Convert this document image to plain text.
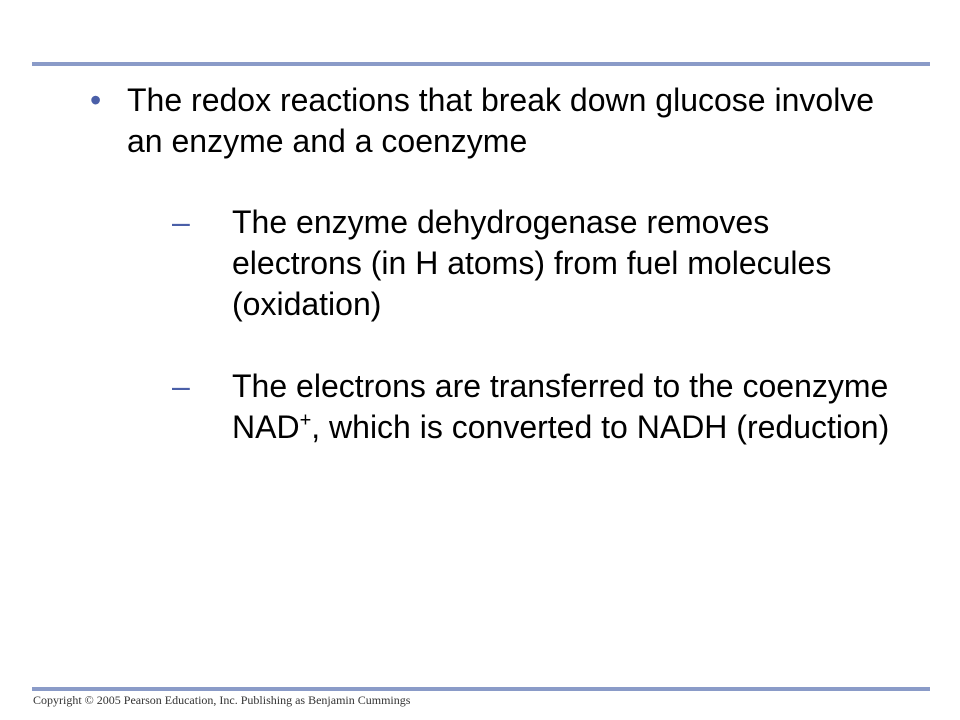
• The redox reactions that break down glucose involve an enzyme and a coenzyme
–	The enzyme dehydrogenase removes electrons (in H atoms) from fuel molecules (oxidation)
–	The electrons are transferred to the coenzyme NAD+, which is converted to NADH (reduction)
Copyright © 2005 Pearson Education, Inc. Publishing as Benjamin Cummings
